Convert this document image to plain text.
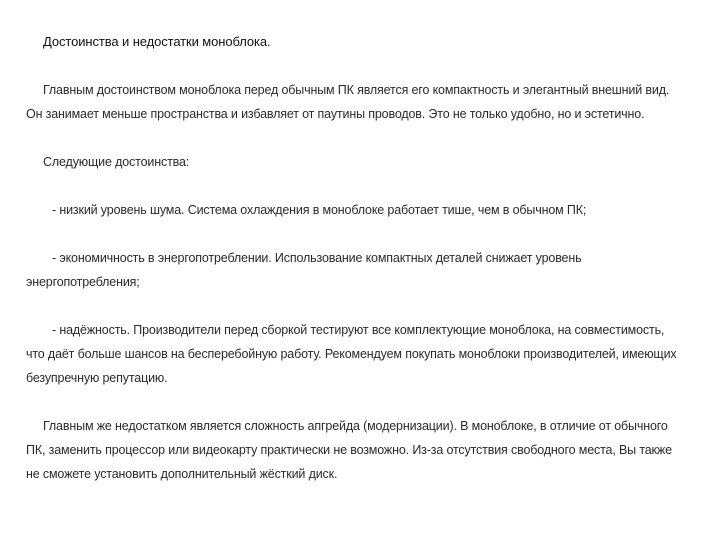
Достоинства и недостатки моноблока.
Главным достоинством моноблока перед обычным ПК является его компактность и элегантный внешний вид.
Он занимает меньше пространства и избавляет от паутины проводов. Это не только удобно, но и эстетично.
Следующие достоинства:
- низкий уровень шума. Система охлаждения в моноблоке работает тише, чем в обычном ПК;
- экономичность в энергопотреблении. Использование компактных деталей снижает уровень
энергопотребления;
- надёжность. Производители перед сборкой тестируют все комплектующие моноблока, на совместимость,
что даёт больше шансов на бесперебойную работу. Рекомендуем покупать моноблоки производителей, имеющих
безупречную репутацию.
Главным же недостатком является сложность апгрейда (модернизации). В моноблоке, в отличие от обычного
ПК, заменить процессор или видеокарту практически не возможно. Из-за отсутствия свободного места, Вы также
не сможете установить дополнительный жёсткий диск.
